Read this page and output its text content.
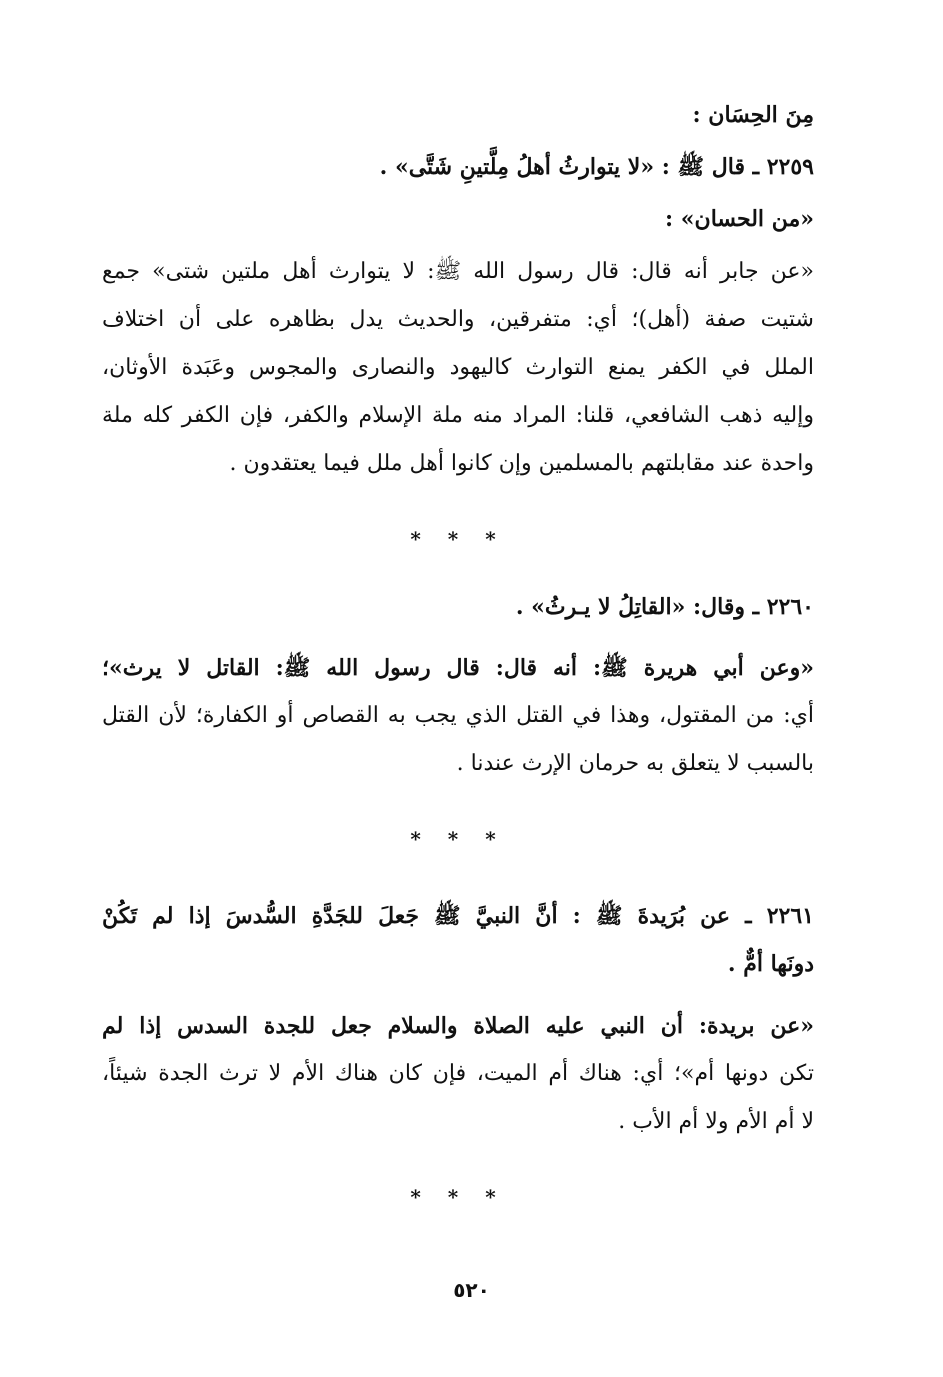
مِنَ الحِسَان :
٢٢٥٩ ـ قال ﷺ : «لا يتوارثُ أهلُ مِلَّتينِ شَتَّى» .
«من الحسان» :
«عن جابر أنه قال: قال رسول الله ﷺ: لا يتوارث أهل ملتين شتى» جمع
شتيت صفة (أهل)؛ أي: متفرقين، والحديث يدل بظاهره على أن اختلاف
الملل في الكفر يمنع التوارث كاليهود والنصارى والمجوس وعَبَدة الأوثان،
وإليه ذهب الشافعي، قلنا: المراد منه ملة الإسلام والكفر، فإن الكفر كله ملة
واحدة عند مقابلتهم بالمسلمين وإن كانوا أهل ملل فيما يعتقدون .
* * *
٢٢٦٠ ـ وقال: «القاتِلُ لا يـرثُ» .
«وعن أبي هريرة ﷺ: أنه قال: قال رسول الله ﷺ: القاتل لا يرث»؛
أي: من المقتول، وهذا في القتل الذي يجب به القصاص أو الكفارة؛ لأن القتل
بالسبب لا يتعلق به حرمان الإرث عندنا .
* * *
٢٢٦١ ـ عن بُرَيدةَ ﷺ : أنَّ النبيَّ ﷺ جَعلَ للجَدَّةِ السُّدسَ إذا لم تَكُنْ
دونَها أمٌّ .
«عن بريدة: أن النبي عليه الصلاة والسلام جعل للجدة السدس إذا لم
تكن دونها أم»؛ أي: هناك أم الميت، فإن كان هناك الأم لا ترث الجدة شيئاً،
لا أم الأم ولا أم الأب .
* * *
٥٢٠
